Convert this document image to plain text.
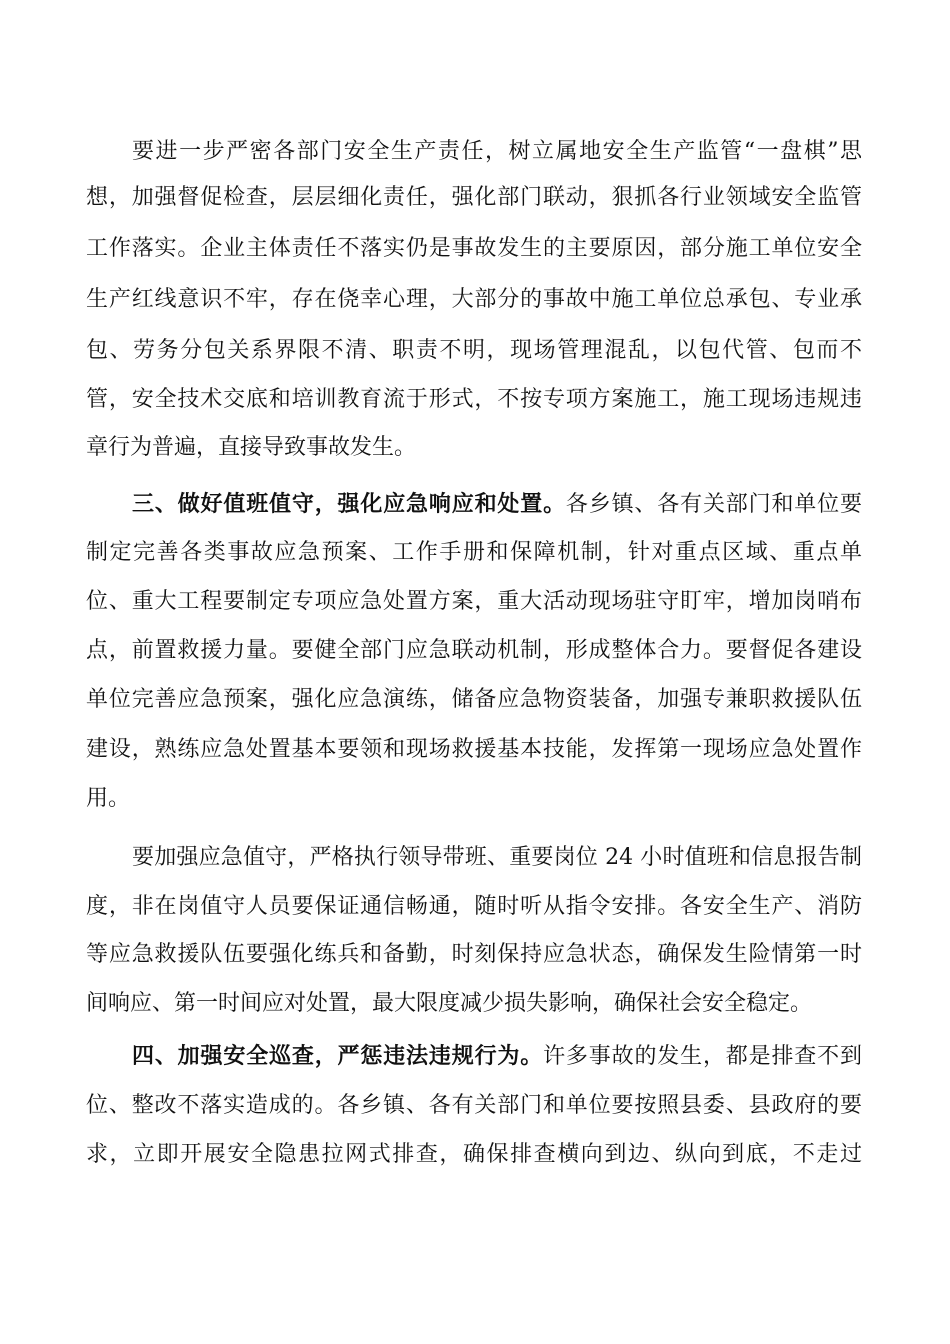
要进一步严密各部门安全生产责任，树立属地安全生产监管“一盘棋”思
想，加强督促检查，层层细化责任，强化部门联动，狠抓各行业领域安全监管
工作落实。企业主体责任不落实仍是事故发生的主要原因，部分施工单位安全
生产红线意识不牢，存在侥幸心理，大部分的事故中施工单位总承包、专业承
包、劳务分包关系界限不清、职责不明，现场管理混乱，以包代管、包而不
管，安全技术交底和培训教育流于形式，不按专项方案施工，施工现场违规违
章行为普遍，直接导致事故发生。
三、做好值班值守，强化应急响应和处置。各乡镇、各有关部门和单位要
制定完善各类事故应急预案、工作手册和保障机制，针对重点区域、重点单
位、重大工程要制定专项应急处置方案，重大活动现场驻守盯牢，增加岗哨布
点，前置救援力量。要健全部门应急联动机制，形成整体合力。要督促各建设
单位完善应急预案，强化应急演练，储备应急物资装备，加强专兼职救援队伍
建设，熟练应急处置基本要领和现场救援基本技能，发挥第一现场应急处置作
用。
要加强应急值守，严格执行领导带班、重要岗位 24 小时值班和信息报告制
度，非在岗值守人员要保证通信畅通，随时听从指令安排。各安全生产、消防
等应急救援队伍要强化练兵和备勤，时刻保持应急状态，确保发生险情第一时
间响应、第一时间应对处置，最大限度减少损失影响，确保社会安全稳定。
四、加强安全巡查，严惩违法违规行为。许多事故的发生，都是排查不到
位、整改不落实造成的。各乡镇、各有关部门和单位要按照县委、县政府的要
求，立即开展安全隐患拉网式排查，确保排查横向到边、纵向到底，不走过
